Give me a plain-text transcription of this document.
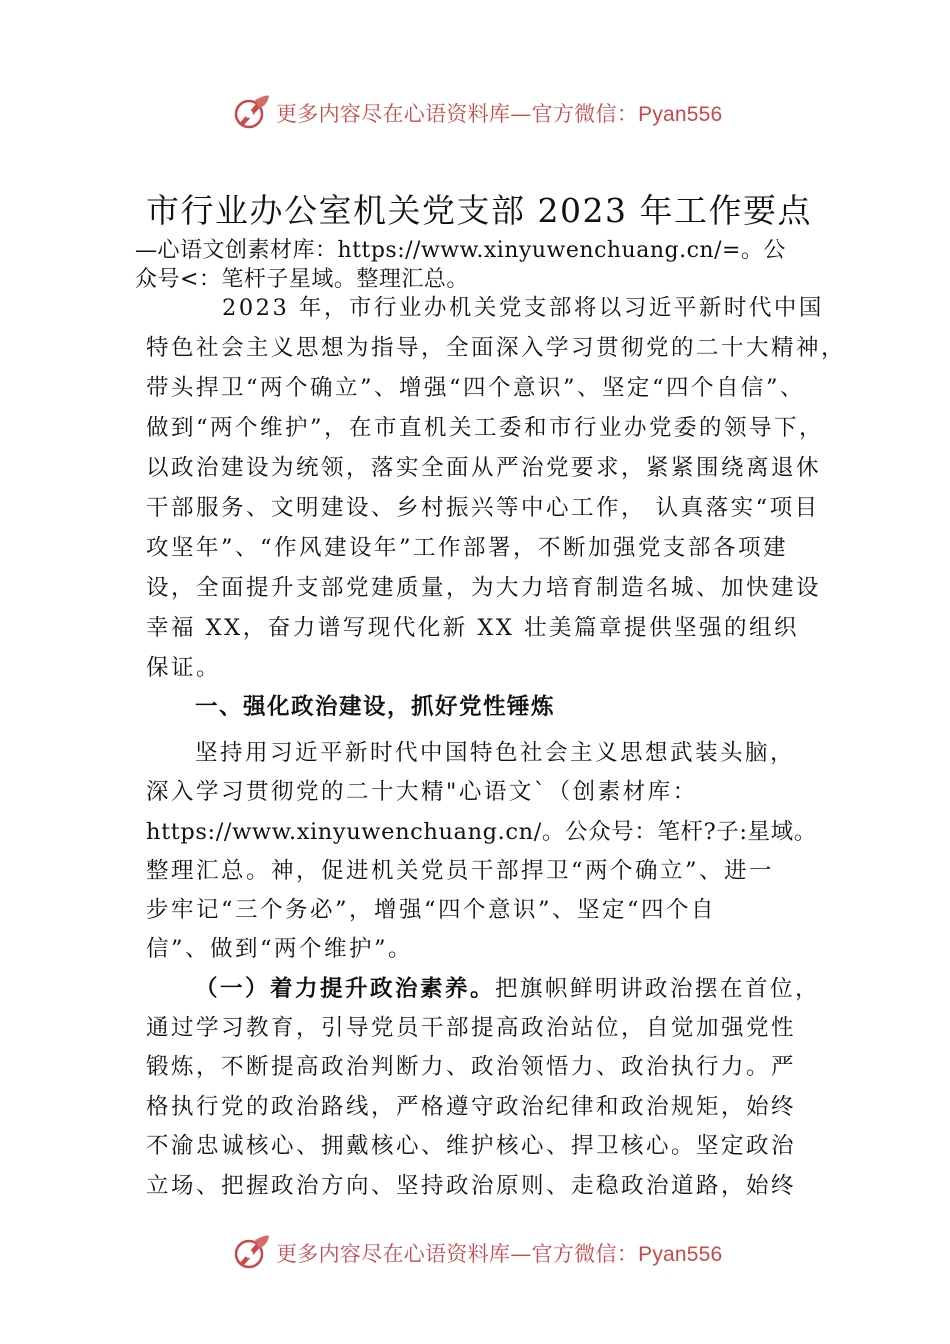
更多内容尽在心语资料库—官方微信：Pyan556
市行业办公室机关党支部 2023 年工作要点
—心语文创素材库：https://www.xinyuwenchuang.cn/=。公
众号<：笔杆子星域。整理汇总。
2023 年，市行业办机关党支部将以习近平新时代中国
特色社会主义思想为指导，全面深入学习贯彻党的二十大精神，
带头捍卫“两个确立”、增强“四个意识”、坚定“四个自信”、
做到“两个维护”，在市直机关工委和市行业办党委的领导下，
以政治建设为统领，落实全面从严治党要求，紧紧围绕离退休
干部服务、文明建设、乡村振兴等中心工作， 认真落实“项目
攻坚年”、“作风建设年”工作部署，不断加强党支部各项建
设，全面提升支部党建质量，为大力培育制造名城、加快建设
幸福 XX，奋力谱写现代化新 XX 壮美篇章提供坚强的组织
保证。
一、强化政治建设，抓好党性锤炼
坚持用习近平新时代中国特色社会主义思想武装头脑，
深入学习贯彻党的二十大精"心语文`（创素材库：
https://www.xinyuwenchuang.cn/。公众号：笔杆?子:星域。
整理汇总。神，促进机关党员干部捍卫“两个确立”、进一
步牢记“三个务必”，增强“四个意识”、坚定“四个自
信”、做到“两个维护”。
（一）着力提升政治素养。把旗帜鲜明讲政治摆在首位，
通过学习教育，引导党员干部提高政治站位，自觉加强党性
锻炼，不断提高政治判断力、政治领悟力、政治执行力。严
格执行党的政治路线，严格遵守政治纪律和政治规矩，始终
不渝忠诚核心、拥戴核心、维护核心、捍卫核心。坚定政治
立场、把握政治方向、坚持政治原则、走稳政治道路，始终
更多内容尽在心语资料库—官方微信：Pyan556
